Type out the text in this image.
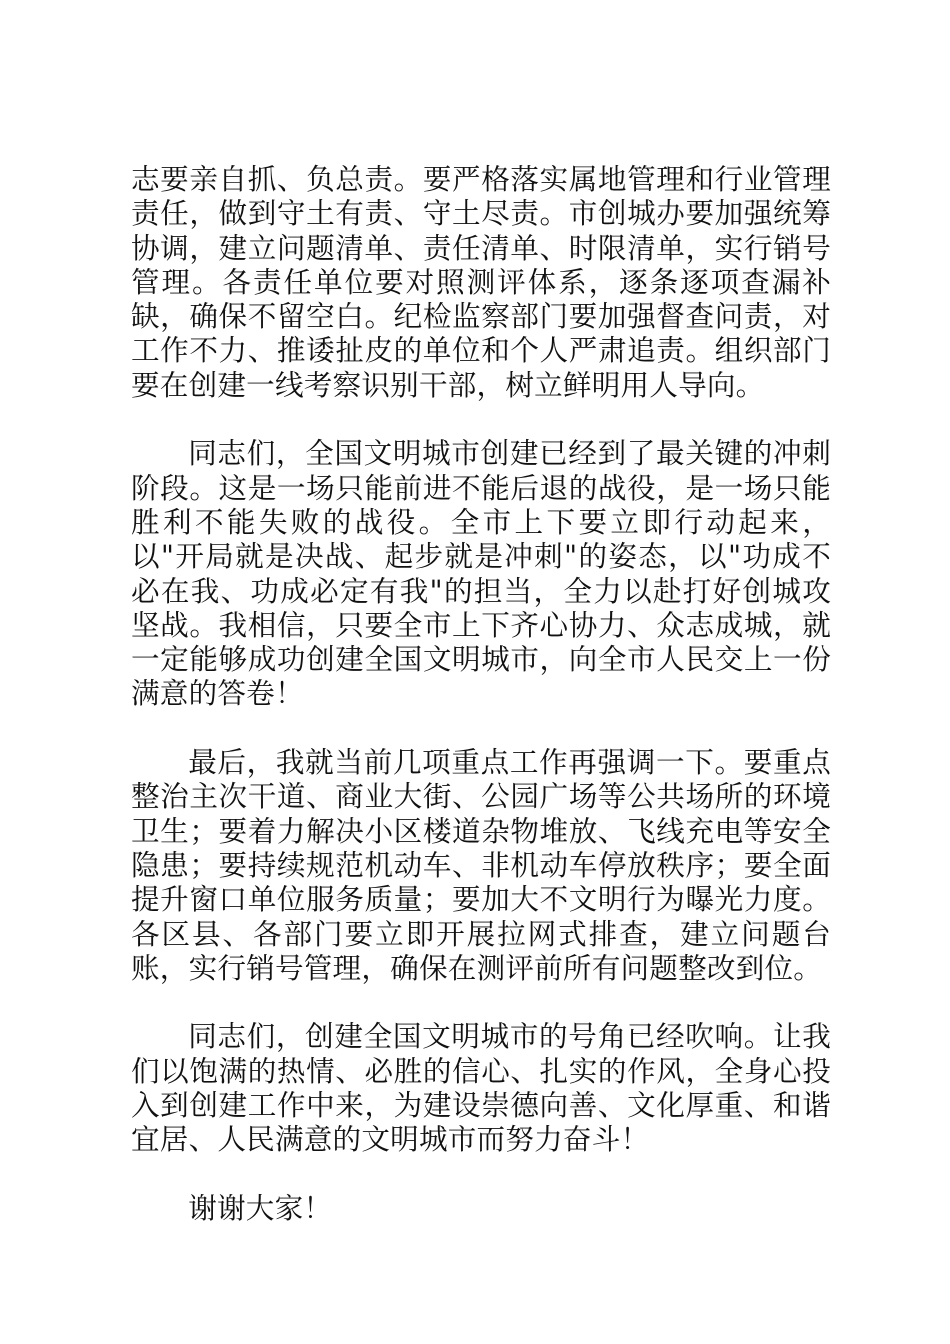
志要亲自抓、负总责。要严格落实属地管理和行业管理责任，做到守土有责、守土尽责。市创城办要加强统筹协调，建立问题清单、责任清单、时限清单，实行销号管理。各责任单位要对照测评体系，逐条逐项查漏补缺，确保不留空白。纪检监察部门要加强督查问责，对工作不力、推诿扯皮的单位和个人严肃追责。组织部门要在创建一线考察识别干部，树立鲜明用人导向。

同志们，全国文明城市创建已经到了最关键的冲刺阶段。这是一场只能前进不能后退的战役，是一场只能胜利不能失败的战役。全市上下要立即行动起来，以"开局就是决战、起步就是冲刺"的姿态，以"功成不必在我、功成必定有我"的担当，全力以赴打好创城攻坚战。我相信，只要全市上下齐心协力、众志成城，就一定能够成功创建全国文明城市，向全市人民交上一份满意的答卷！

最后，我就当前几项重点工作再强调一下。要重点整治主次干道、商业大街、公园广场等公共场所的环境卫生；要着力解决小区楼道杂物堆放、飞线充电等安全隐患；要持续规范机动车、非机动车停放秩序；要全面提升窗口单位服务质量；要加大不文明行为曝光力度。各区县、各部门要立即开展拉网式排查，建立问题台账，实行销号管理，确保在测评前所有问题整改到位。

同志们，创建全国文明城市的号角已经吹响。让我们以饱满的热情、必胜的信心、扎实的作风，全身心投入到创建工作中来，为建设崇德向善、文化厚重、和谐宜居、人民满意的文明城市而努力奋斗！

谢谢大家！
